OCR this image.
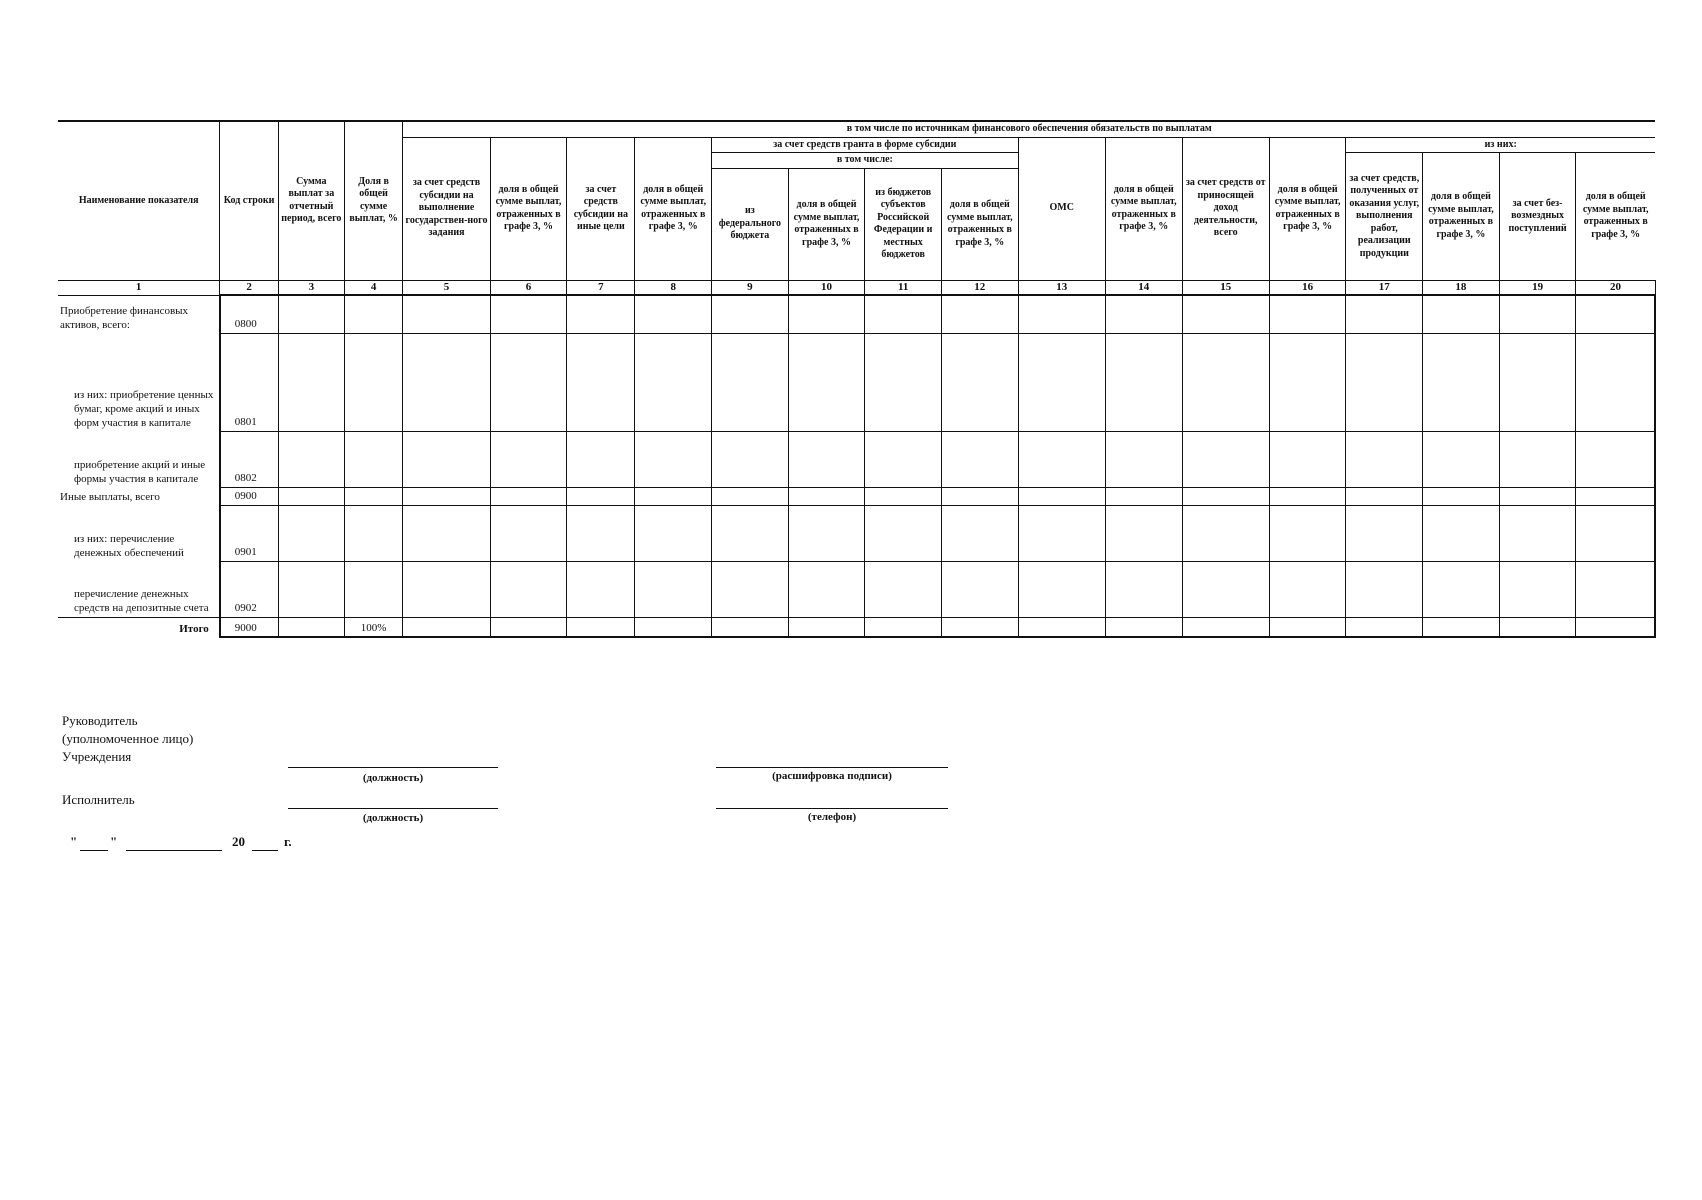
Наименование показателя	Код строки	Сумма выплат за отчетный период, всего	Доля в общей сумме выплат, %	в том числе по источникам финансового обеспечения обязательств по выплатам															
				за счет средств субсидии на выполнение государствен-ного задания	доля в общей сумме выплат, отраженных в графе 3, %	за счет средств субсидии на иные цели	доля в общей сумме выплат, отраженных в графе 3, %	за счет средств гранта в форме субсидии				ОМС	доля в общей сумме выплат, отраженных в графе 3, %	за счет средств от приносящей доход деятельности, всего	доля в общей сумме выплат, отраженных в графе 3, %	из них:			
								в том числе:								за счет средств, полученных от оказания услуг, выполнения работ, реализации продукции	доля в общей сумме выплат, отраженных в графе 3, %	за счет без-возмездных поступлений	доля в общей сумме выплат, отраженных в графе 3, %
								из федерального бюджета	доля в общей сумме выплат, отраженных в графе 3, %	из бюджетов субъектов Российской Федерации и местных бюджетов	доля в общей сумме выплат, отраженных в графе 3, %								
1	2	3	4	5	6	7	8	9	10	11	12	13	14	15	16	17	18	19	20
Приобретение финансовых активов, всего:	0800																		
из них: приобретение ценных бумаг, кроме акций и иных форм участия в капитале	0801																		
приобретение акций и иные формы участия в капитале	0802																		
Иные выплаты, всего	0900																		
из них: перечисление денежных обеспечений	0901																		
перечисление денежных средств на депозитные счета	0902																		
Итого	9000		100%																
Руководитель
(уполномоченное лицо)
Учреждения
(должность)	(расшифровка подписи)
Исполнитель
(должность)	(телефон)
"	"	20	г.
